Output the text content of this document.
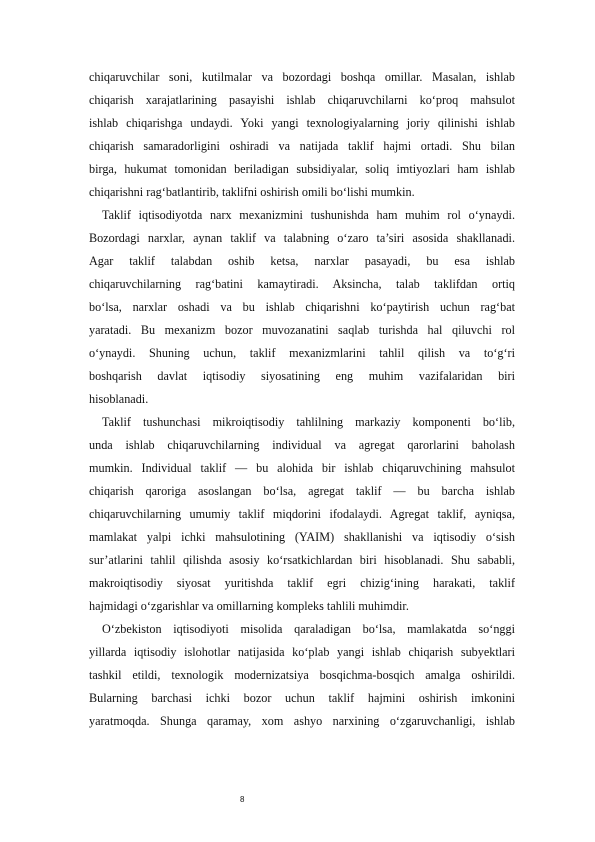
chiqaruvchilar soni, kutilmalar va bozordagi boshqa omillar. Masalan, ishlab
chiqarish xarajatlarining pasayishi ishlab chiqaruvchilarni ko‘proq mahsulot
ishlab chiqarishga undaydi. Yoki yangi texnologiyalarning joriy qilinishi ishlab
chiqarish samaradorligini oshiradi va natijada taklif hajmi ortadi. Shu bilan
birga, hukumat tomonidan beriladigan subsidiyalar, soliq imtiyozlari ham ishlab
chiqarishni rag‘batlantirib, taklifni oshirish omili bo‘lishi mumkin.
Taklif iqtisodiyotda narx mexanizmini tushunishda ham muhim rol o‘ynaydi.
Bozordagi narxlar, aynan taklif va talabning o‘zaro ta’siri asosida shakllanadi.
Agar taklif talabdan oshib ketsa, narxlar pasayadi, bu esa ishlab
chiqaruvchilarning rag‘batini kamaytiradi. Aksincha, talab taklifdan ortiq
bo‘lsa, narxlar oshadi va bu ishlab chiqarishni ko‘paytirish uchun rag‘bat
yaratadi. Bu mexanizm bozor muvozanatini saqlab turishda hal qiluvchi rol
o‘ynaydi. Shuning uchun, taklif mexanizmlarini tahlil qilish va to‘g‘ri
boshqarish davlat iqtisodiy siyosatining eng muhim vazifalaridan biri
hisoblanadi.
Taklif tushunchasi mikroiqtisodiy tahlilning markaziy komponenti bo‘lib,
unda ishlab chiqaruvchilarning individual va agregat qarorlarini baholash
mumkin. Individual taklif — bu alohida bir ishlab chiqaruvchining mahsulot
chiqarish qaroriga asoslangan bo‘lsa, agregat taklif — bu barcha ishlab
chiqaruvchilarning umumiy taklif miqdorini ifodalaydi. Agregat taklif, ayniqsa,
mamlakat yalpi ichki mahsulotining (YAIM) shakllanishi va iqtisodiy o‘sish
sur’atlarini tahlil qilishda asosiy ko‘rsatkichlardan biri hisoblanadi. Shu sababli,
makroiqtisodiy siyosat yuritishda taklif egri chizig‘ining harakati, taklif
hajmidagi o‘zgarishlar va omillarning kompleks tahlili muhimdir.
O‘zbekiston iqtisodiyoti misolida qaraladigan bo‘lsa, mamlakatda so‘nggi
yillarda iqtisodiy islohotlar natijasida ko‘plab yangi ishlab chiqarish subyektlari
tashkil etildi, texnologik modernizatsiya bosqichma-bosqich amalga oshirildi.
Bularning barchasi ichki bozor uchun taklif hajmini oshirish imkonini
yaratmoqda. Shunga qaramay, xom ashyo narxining o‘zgaruvchanligi, ishlab
8
